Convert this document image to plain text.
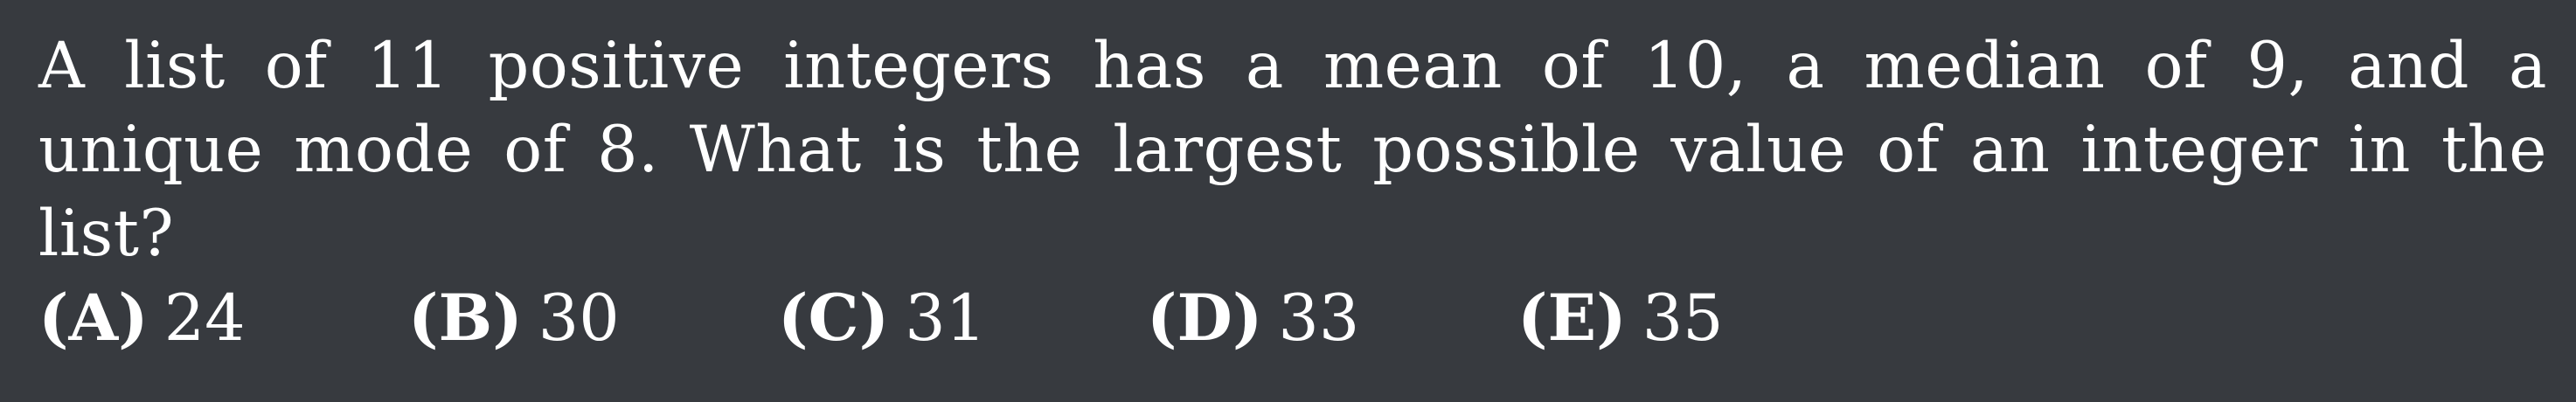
A list of 11 positive integers has a mean of 10, a median of 9, and a unique mode of 8. What is the largest possible value of an integer in the list?
(A) 24	(B) 30 (C) 31	(D) 33 (E) 35
